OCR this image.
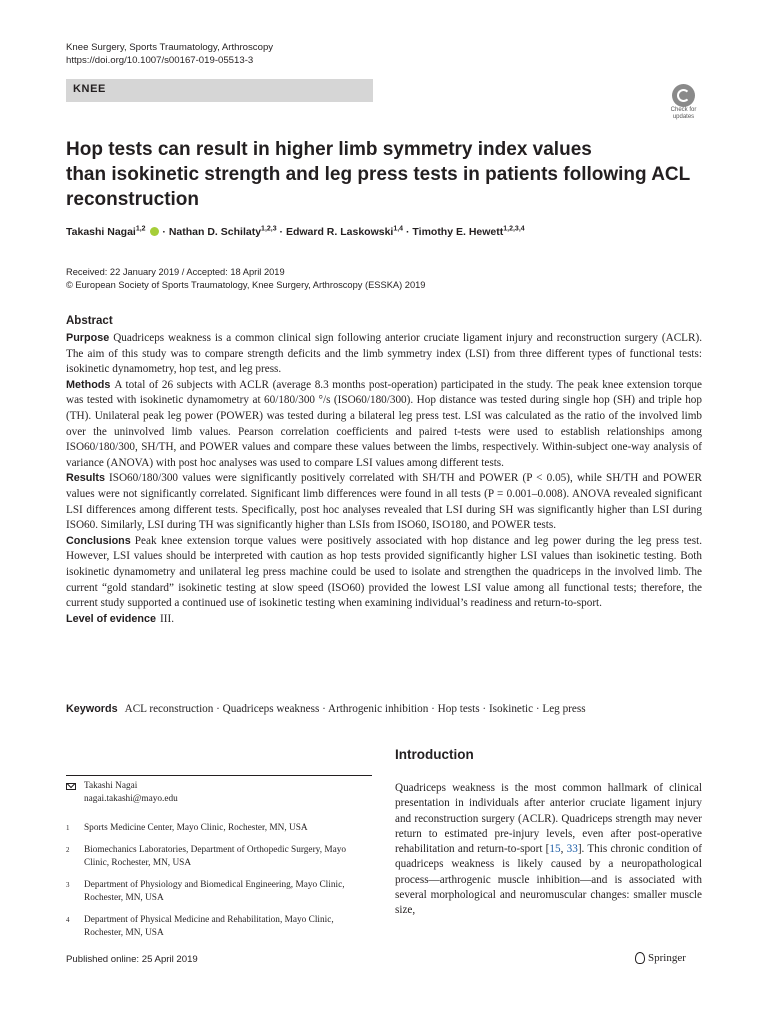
Knee Surgery, Sports Traumatology, Arthroscopy
https://doi.org/10.1007/s00167-019-05513-3
KNEE
Check for
updates
Hop tests can result in higher limb symmetry index values
than isokinetic strength and leg press tests in patients following ACL
reconstruction
Takashi Nagai$^{1,2}$  · Nathan D. Schilaty$^{1,2,3}$ · Edward R. Laskowski$^{1,4}$ · Timothy E. Hewett$^{1,2,3,4}$
Received: 22 January 2019 / Accepted: 18 April 2019
© European Society of Sports Traumatology, Knee Surgery, Arthroscopy (ESSKA) 2019
Abstract

Purpose Quadriceps weakness is a common clinical sign following anterior cruciate ligament injury and reconstruction surgery (ACLR). The aim of this study was to compare strength deficits and the limb symmetry index (LSI) from three different types of functional tests: isokinetic dynamometry, hop test, and leg press.

Methods A total of 26 subjects with ACLR (average 8.3 months post-operation) participated in the study. The peak knee extension torque was tested with isokinetic dynamometry at 60/180/300 °/s (ISO60/180/300). Hop distance was tested during single hop (SH) and triple hop (TH). Unilateral peak leg power (POWER) was tested during a bilateral leg press test. LSI was calculated as the ratio of the involved limb over the uninvolved limb values. Pearson correlation coefficients and paired t-tests were used to establish relationships among ISO60/180/300, SH/TH, and POWER values and compare these values between the limbs, respectively. Within-subject one-way analysis of variance (ANOVA) with post hoc analyses was used to compare LSI values among different tests.

Results ISO60/180/300 values were significantly positively correlated with SH/TH and POWER (P < 0.05), while SH/TH and POWER values were not significantly correlated. Significant limb differences were found in all tests (P = 0.001–0.008). ANOVA revealed significant LSI differences among different tests. Specifically, post hoc analyses revealed that LSI during SH was significantly higher than LSI during ISO60. Similarly, LSI during TH was significantly higher than LSIs from ISO60, ISO180, and POWER tests.

Conclusions Peak knee extension torque values were positively associated with hop distance and leg power during the leg press test. However, LSI values should be interpreted with caution as hop tests provided significantly higher LSI values than isokinetic testing. Both isokinetic dynamometry and unilateral leg press machine could be used to isolate and strengthen the quadriceps in the involved limb. The current “gold standard” isokinetic testing at slow speed (ISO60) provided the lowest LSI value among all functional tests; therefore, the current study supported a continued use of isokinetic testing when examining individual’s readiness and return-to-sport.

Level of evidence III.

Keywords ACL reconstruction · Quadriceps weakness · Arthrogenic inhibition · Hop tests · Isokinetic · Leg press
Takashi Nagai
nagai.takashi@mayo.edu
$^1$ Sports Medicine Center, Mayo Clinic, Rochester, MN, USA
$^2$ Biomechanics Laboratories, Department of Orthopedic Surgery, Mayo Clinic, Rochester, MN, USA
$^3$ Department of Physiology and Biomedical Engineering, Mayo Clinic, Rochester, MN, USA
$^4$ Department of Physical Medicine and Rehabilitation, Mayo Clinic, Rochester, MN, USA
Introduction
Quadriceps weakness is the most common hallmark of clinical presentation in individuals after anterior cruciate ligament injury and reconstruction surgery (ACLR). Quadriceps strength may never return to estimated pre-injury levels, even after post-operative rehabilitation and return-to-sport [15, 33]. This chronic condition of quadriceps weakness is likely caused by a neuropathological process—arthrogenic muscle inhibition—and is associated with several morphological and neuromuscular changes: smaller muscle size,
Published online: 25 April 2019	Springer
